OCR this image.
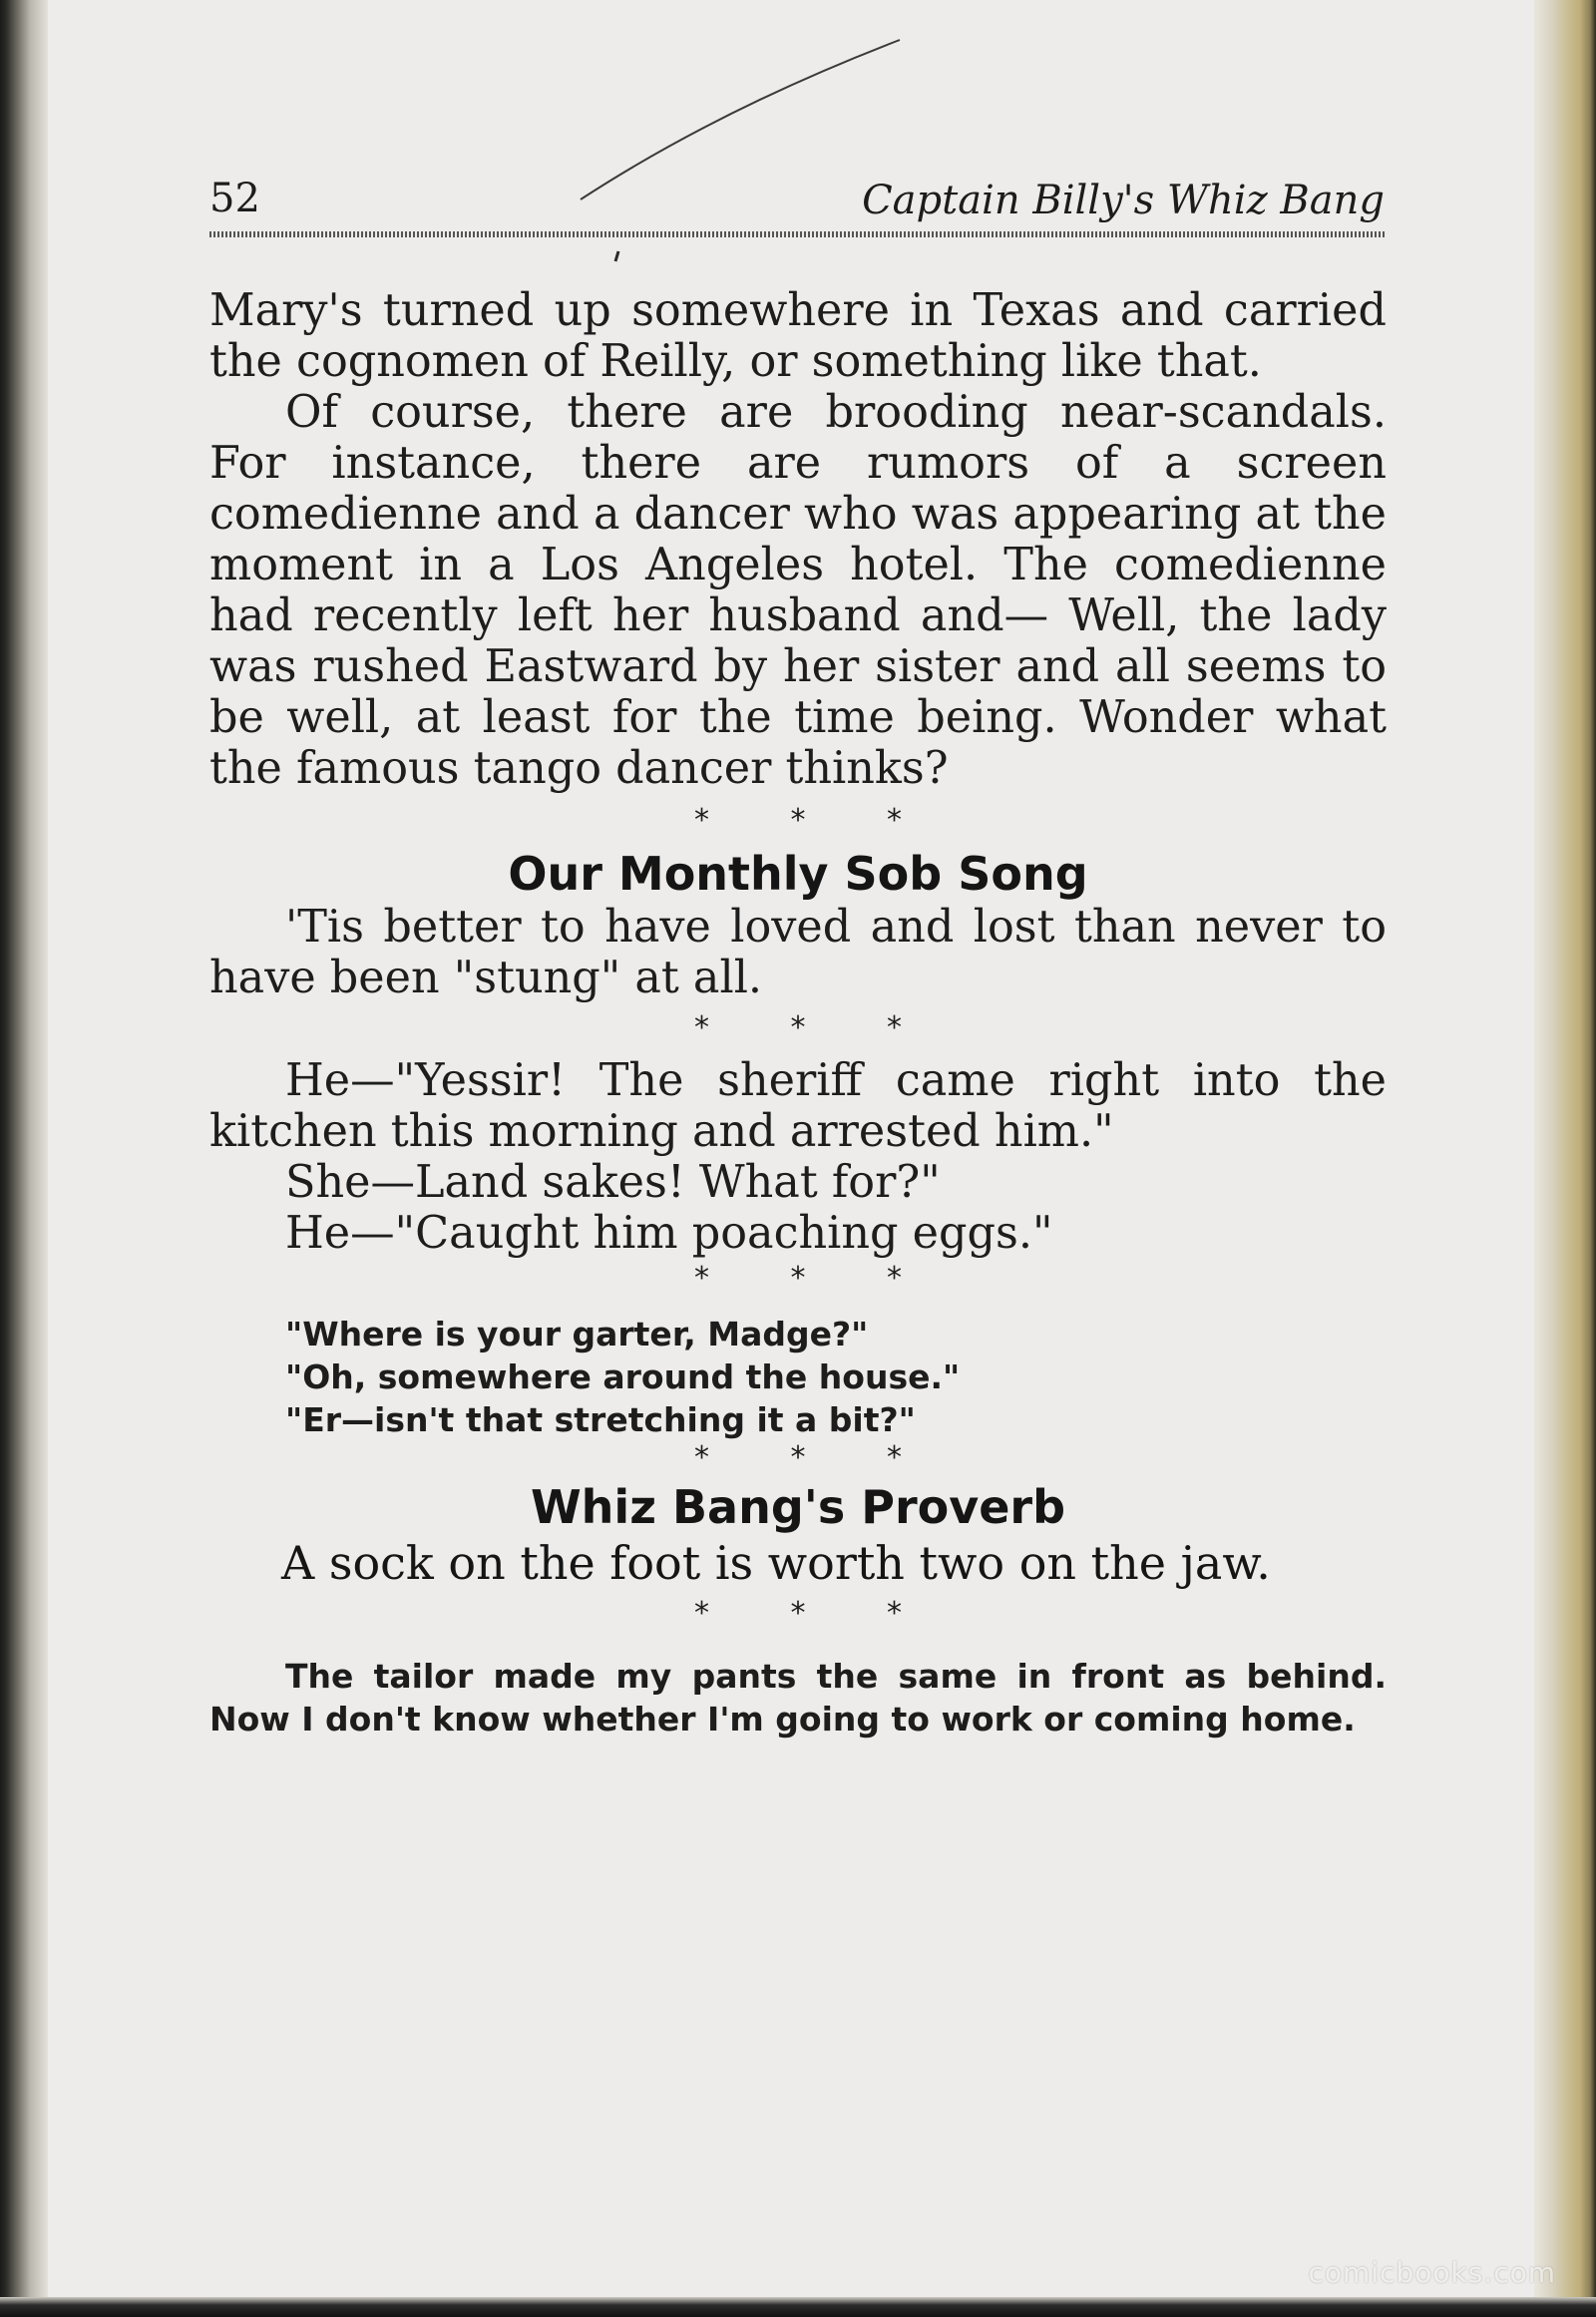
52	Captain Billy's Whiz Bang

Mary's turned up somewhere in Texas and carried the cognomen of Reilly, or something like that.

Of course, there are brooding near-scandals. For instance, there are rumors of a screen comedienne and a dancer who was appearing at the moment in a Los Angeles hotel. The comedienne had recently left her husband and— Well, the lady was rushed Eastward by her sister and all seems to be well, at least for the time being. Wonder what the famous tango dancer thinks?

* * *

Our Monthly Sob Song

'Tis better to have loved and lost than never to have been "stung" at all.

* * *

He—"Yessir! The sheriff came right into the kitchen this morning and arrested him."

She—Land sakes! What for?"

He—"Caught him poaching eggs."

* * *

"Where is your garter, Madge?"

"Oh, somewhere around the house."

"Er—isn't that stretching it a bit?"

* * *

Whiz Bang's Proverb

A sock on the foot is worth two on the jaw.

* * *

The tailor made my pants the same in front as behind. Now I don't know whether I'm going to work or coming home.

comicbooks.com
